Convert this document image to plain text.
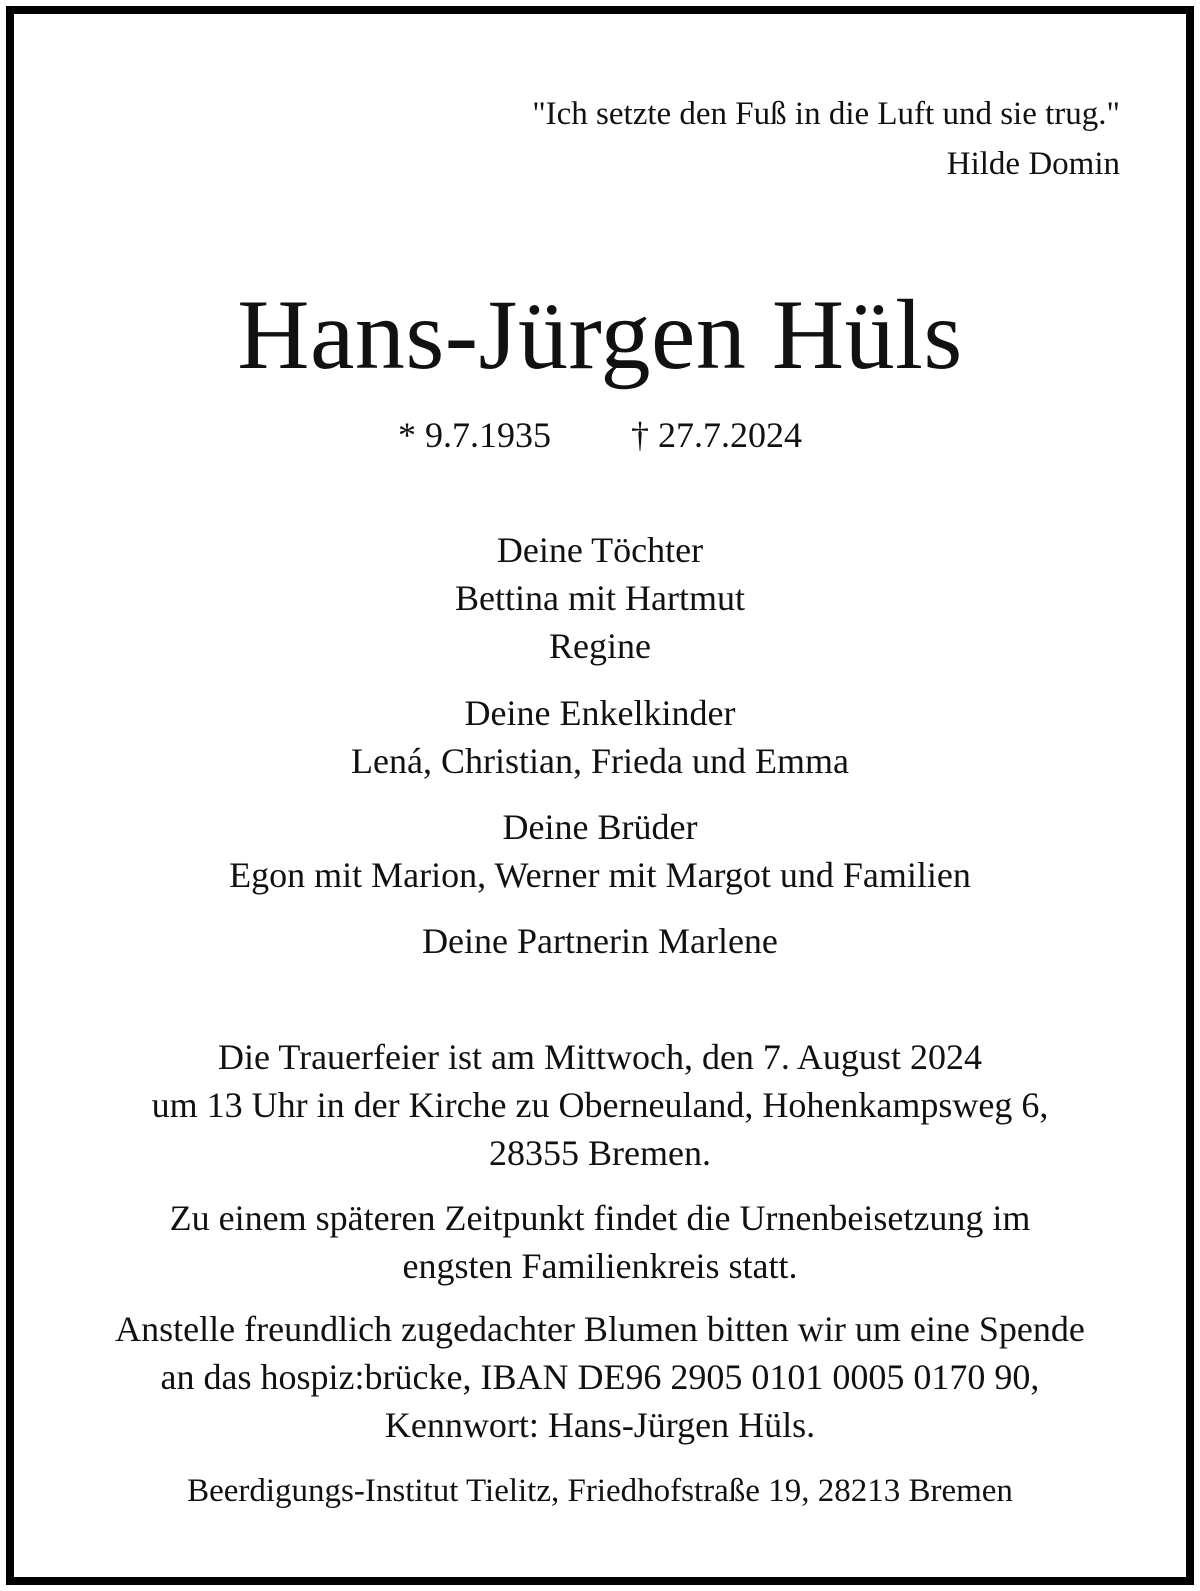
"Ich setzte den Fuß in die Luft und sie trug."
Hilde Domin
Hans-Jürgen Hüls
* 9.7.1935 † 27.7.2024
Deine Töchter
Bettina mit Hartmut
Regine
Deine Enkelkinder
Lená, Christian, Frieda und Emma
Deine Brüder
Egon mit Marion, Werner mit Margot und Familien
Deine Partnerin Marlene
Die Trauerfeier ist am Mittwoch, den 7. August 2024
um 13 Uhr in der Kirche zu Oberneuland, Hohenkampsweg 6,
28355 Bremen.
Zu einem späteren Zeitpunkt findet die Urnenbeisetzung im
engsten Familienkreis statt.
Anstelle freundlich zugedachter Blumen bitten wir um eine Spende
an das hospiz:brücke, IBAN DE96 2905 0101 0005 0170 90,
Kennwort: Hans-Jürgen Hüls.
Beerdigungs-Institut Tielitz, Friedhofstraße 19, 28213 Bremen
